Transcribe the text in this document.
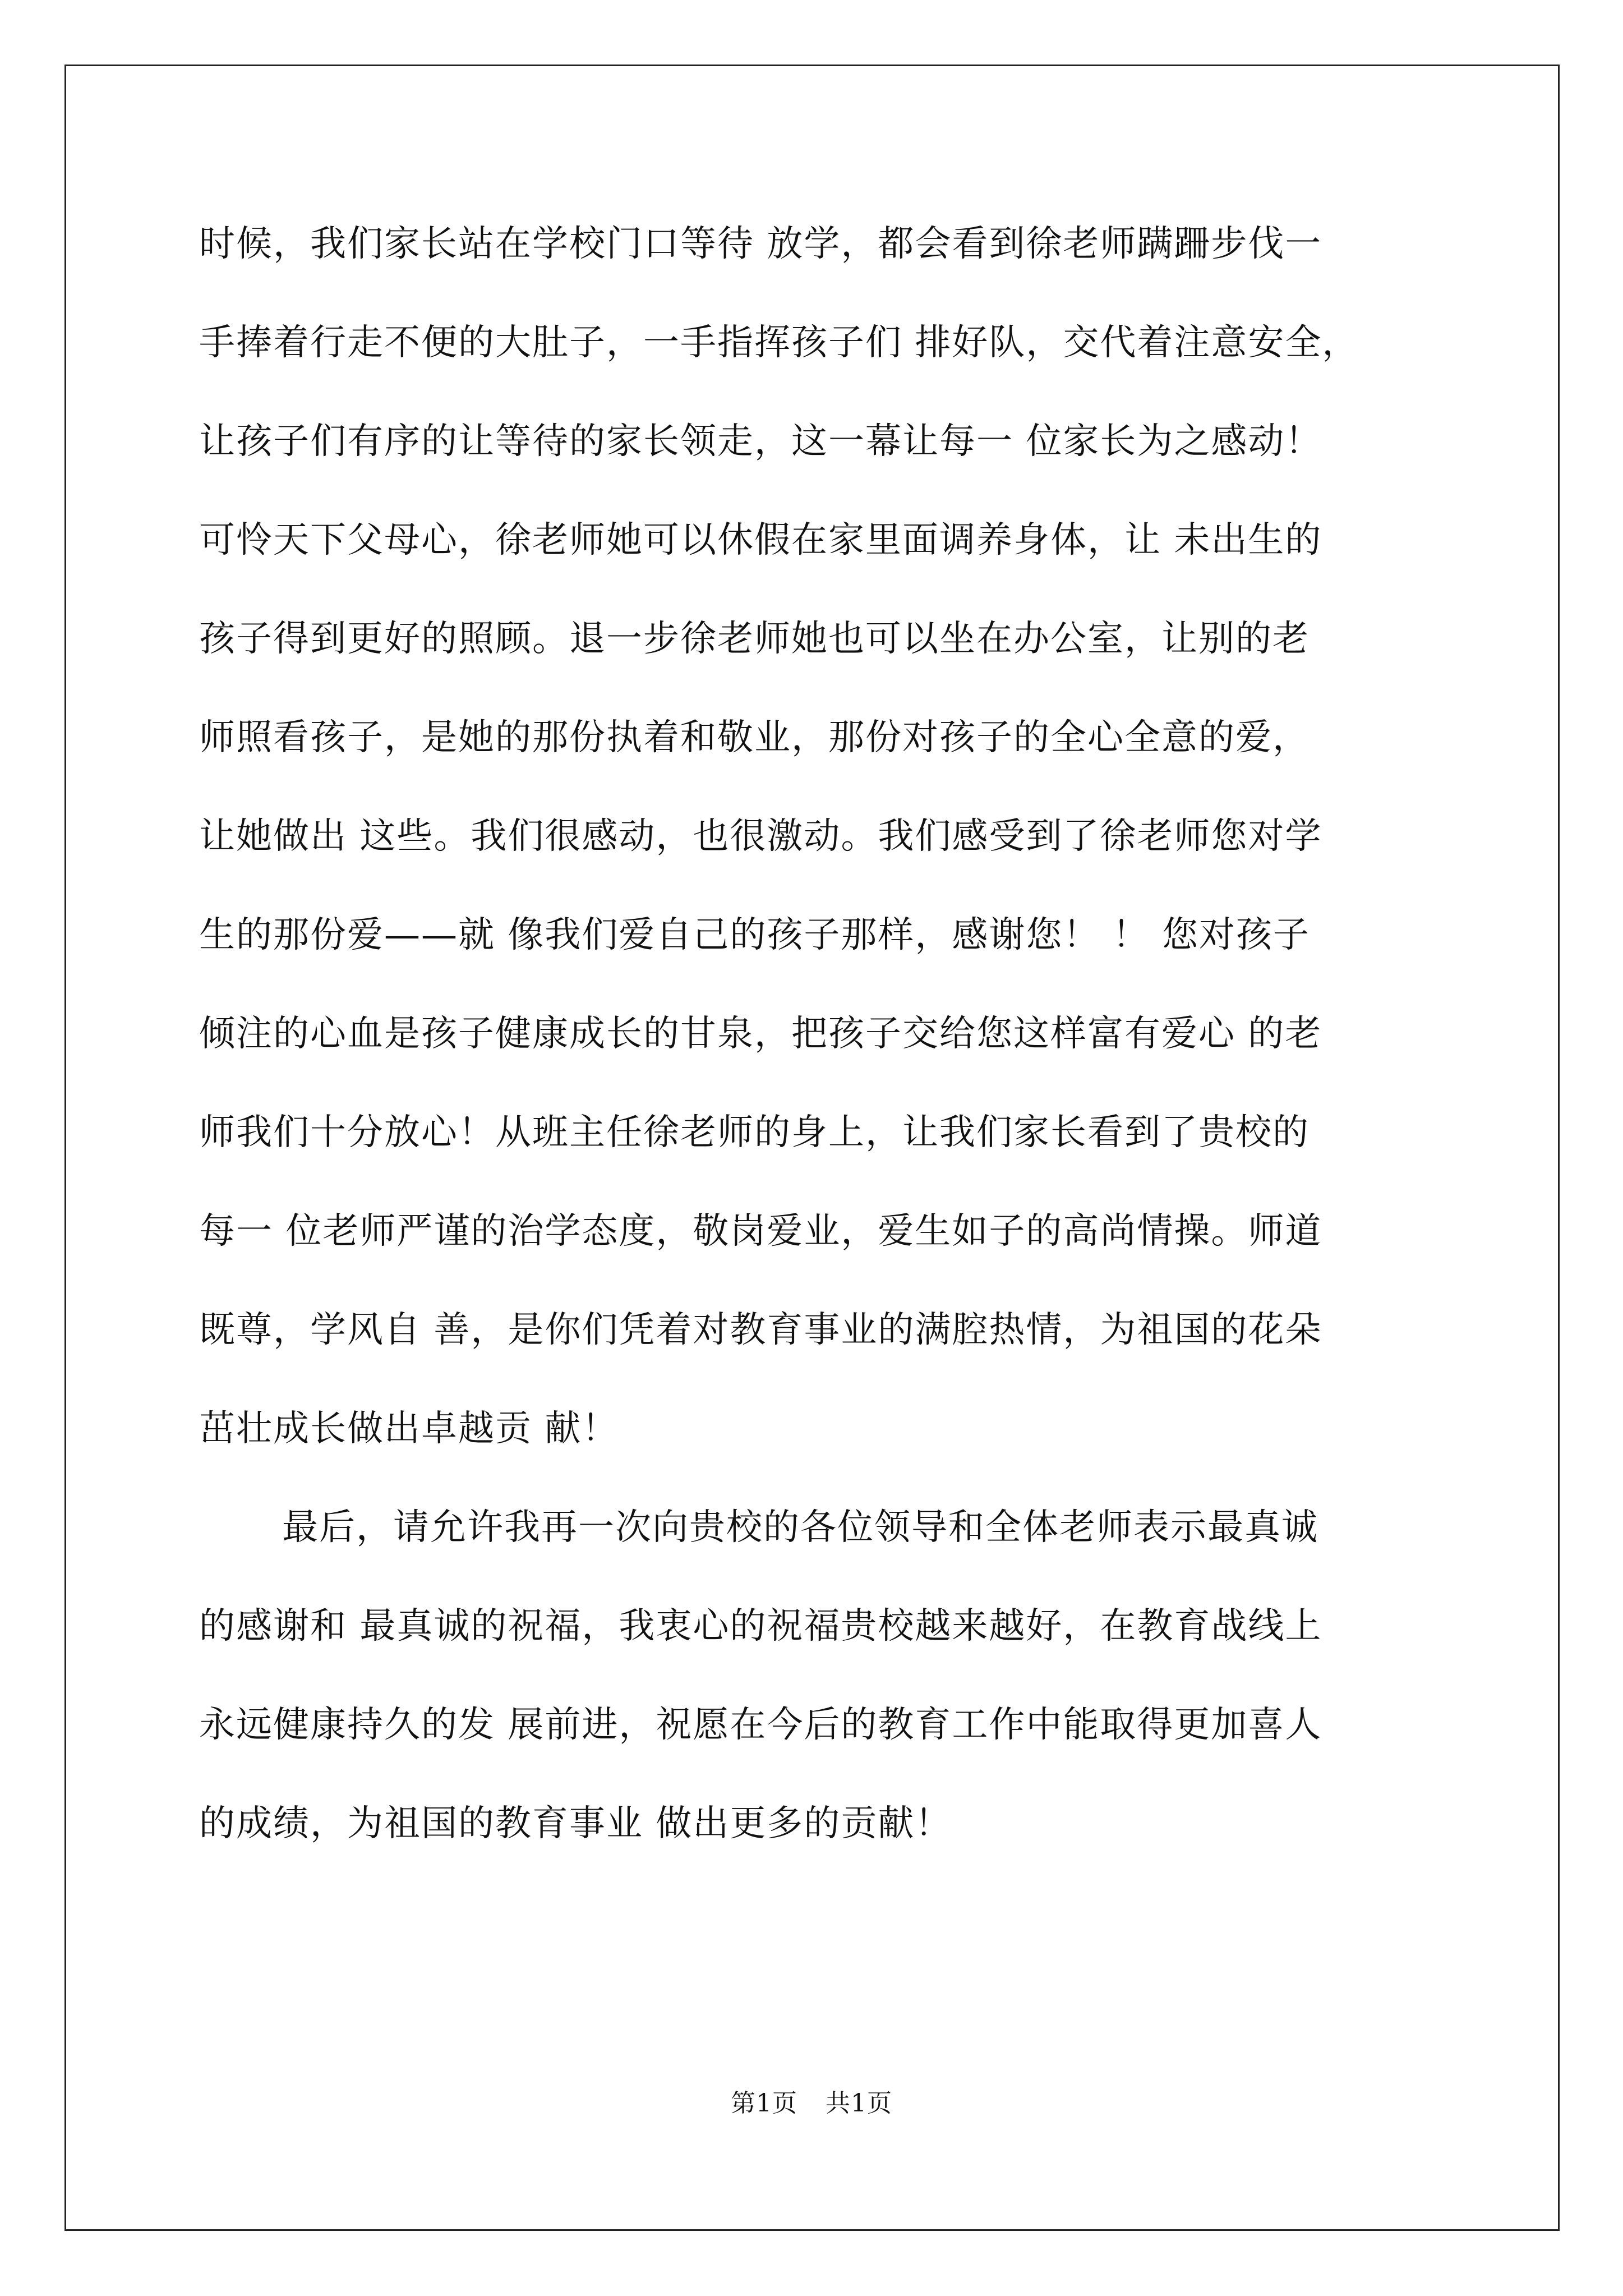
时候，我们家长站在学校门口等待 放学，都会看到徐老师蹒跚步伐一
手捧着行走不便的大肚子，一手指挥孩子们 排好队，交代着注意安全，
让孩子们有序的让等待的家长领走，这一幕让每一 位家长为之感动！
可怜天下父母心，徐老师她可以休假在家里面调养身体，让 未出生的
孩子得到更好的照顾。退一步徐老师她也可以坐在办公室，让别的老
师照看孩子，是她的那份执着和敬业，那份对孩子的全心全意的爱，
让她做出 这些。我们很感动，也很激动。我们感受到了徐老师您对学
生的那份爱——就 像我们爱自己的孩子那样，感谢您！ ！ 您对孩子
倾注的心血是孩子健康成长的甘泉，把孩子交给您这样富有爱心 的老
师我们十分放心！从班主任徐老师的身上，让我们家长看到了贵校的
每一 位老师严谨的治学态度，敬岗爱业，爱生如子的高尚情操。师道
既尊，学风自 善，是你们凭着对教育事业的满腔热情，为祖国的花朵
茁壮成长做出卓越贡 献！
最后，请允许我再一次向贵校的各位领导和全体老师表示最真诚
的感谢和 最真诚的祝福，我衷心的祝福贵校越来越好，在教育战线上
永远健康持久的发 展前进，祝愿在今后的教育工作中能取得更加喜人
的成绩，为祖国的教育事业 做出更多的贡献！
第1页 共1页
